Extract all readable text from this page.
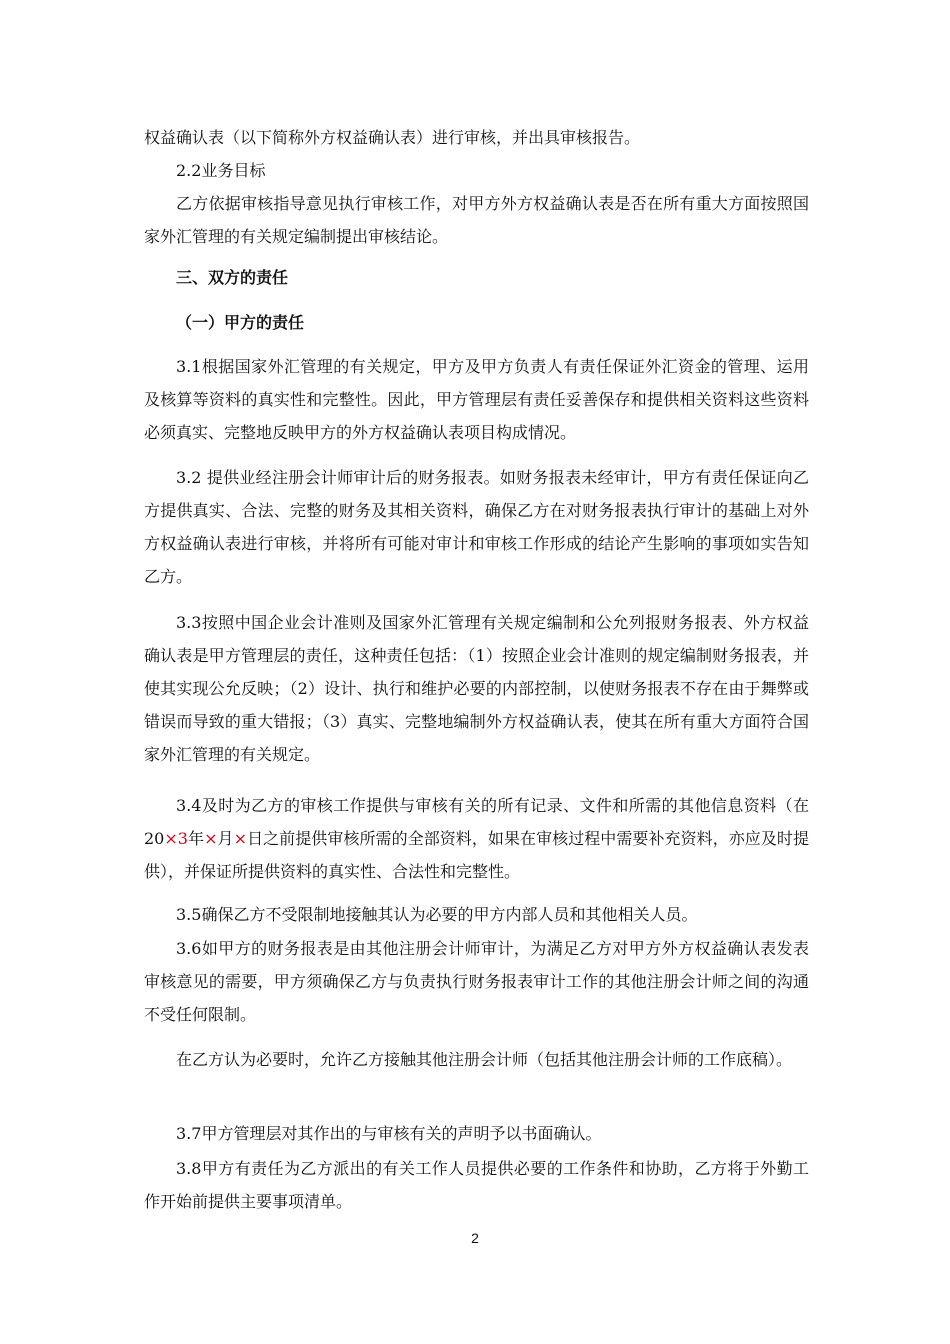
权益确认表（以下简称外方权益确认表）进行审核，并出具审核报告。

2.2业务目标

乙方依据审核指导意见执行审核工作，对甲方外方权益确认表是否在所有重大方面按照国家外汇管理的有关规定编制提出审核结论。

三、双方的责任

（一）甲方的责任

3.1根据国家外汇管理的有关规定，甲方及甲方负责人有责任保证外汇资金的管理、运用及核算等资料的真实性和完整性。因此，甲方管理层有责任妥善保存和提供相关资料这些资料必须真实、完整地反映甲方的外方权益确认表项目构成情况。

3.2 提供业经注册会计师审计后的财务报表。如财务报表未经审计，甲方有责任保证向乙方提供真实、合法、完整的财务及其相关资料，确保乙方在对财务报表执行审计的基础上对外方权益确认表进行审核，并将所有可能对审计和审核工作形成的结论产生影响的事项如实告知乙方。

3.3按照中国企业会计准则及国家外汇管理有关规定编制和公允列报财务报表、外方权益确认表是甲方管理层的责任，这种责任包括：（1）按照企业会计准则的规定编制财务报表，并使其实现公允反映；（2）设计、执行和维护必要的内部控制，以使财务报表不存在由于舞弊或错误而导致的重大错报；（3）真实、完整地编制外方权益确认表，使其在所有重大方面符合国家外汇管理的有关规定。

3.4及时为乙方的审核工作提供与审核有关的所有记录、文件和所需的其他信息资料（在20×3年×月×日之前提供审核所需的全部资料，如果在审核过程中需要补充资料，亦应及时提供），并保证所提供资料的真实性、合法性和完整性。

3.5确保乙方不受限制地接触其认为必要的甲方内部人员和其他相关人员。

3.6如甲方的财务报表是由其他注册会计师审计，为满足乙方对甲方外方权益确认表发表审核意见的需要，甲方须确保乙方与负责执行财务报表审计工作的其他注册会计师之间的沟通不受任何限制。

在乙方认为必要时，允许乙方接触其他注册会计师（包括其他注册会计师的工作底稿）。

3.7甲方管理层对其作出的与审核有关的声明予以书面确认。

3.8甲方有责任为乙方派出的有关工作人员提供必要的工作条件和协助，乙方将于外勤工作开始前提供主要事项清单。

2
